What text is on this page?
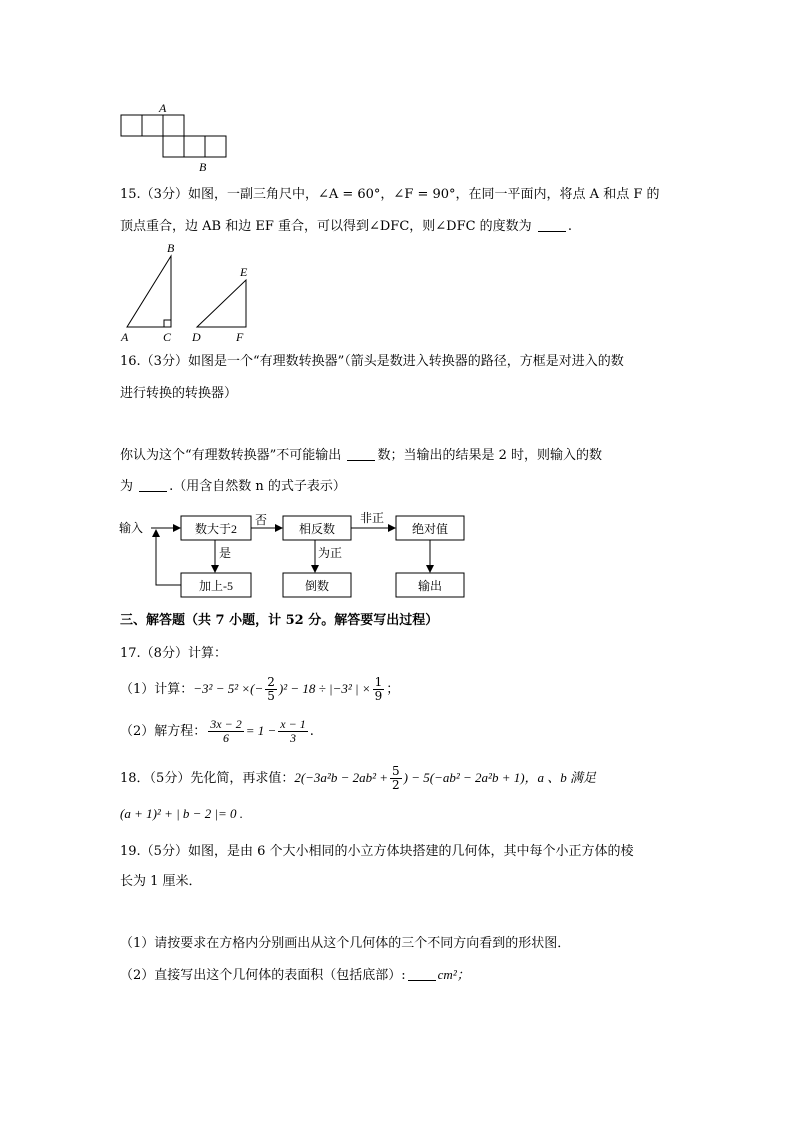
A
B
15.（3分）如图，一副三角尺中，∠A = 60°，∠F = 90°，在同一平面内，将点 A 和点 F 的
顶点重合，边 AB 和边 EF 重合，可以得到∠DFC，则∠DFC 的度数为	.
A
B
C D
E
F
16.（3分）如图是一个“有理数转换器”（箭头是数进入转换器的路径，方框是对进入的数
进行转换的转换器）
你认为这个“有理数转换器”不可能输出	数；当输出的结果是 2 时，则输入的数
为	.（用含自然数 n 的式子表示）
输入	数大于2
否
相反数
非正
绝对值
是	为正
加上-5	倒数	输出
三、解答题（共 7 小题，计 52 分。解答要写出过程）
17.（8分）计算：
（1）计算：−3² − 5² ×(− $\frac{2}{5} )^2 - 18 \div |-3^2$ | × $\frac{1}{9}$ ；
（2）解方程： $\frac{3x - 2}{6} = 1 - \frac{x - 1}{3}$ .
18．（5分）先化简，再求值：$2(-3a^2b - 2ab^2 + \frac{5}{2}$ ) − 5(−ab² − 2a²b + 1)，a 、b 满足
(a + 1)² + | b − 2 |= 0 .
19.（5分）如图，是由 6 个大小相同的小立方体块搭建的几何体，其中每个小正方体的棱
长为 1 厘米．
（1）请按要求在方格内分别画出从这个几何体的三个不同方向看到的形状图．
（2）直接写出这个几何体的表面积（包括底部）: cm²；
